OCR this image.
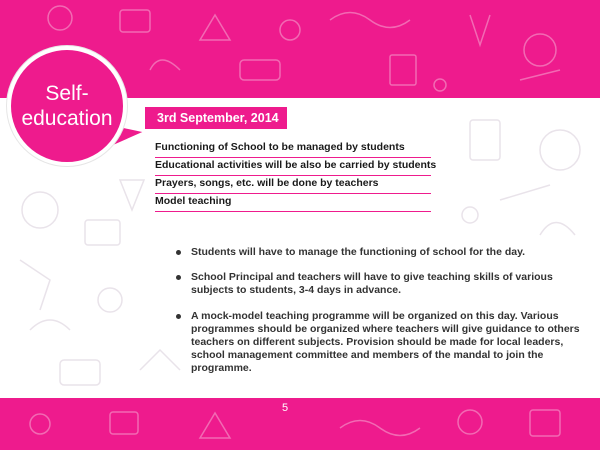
Self-education	3rd September, 2014
Functioning of School to be managed by students
Educational activities will be also be carried by students
Prayers, songs, etc. will be done by teachers
Model teaching
Students will have to manage the functioning of school for the day.
School Principal and teachers will have to give teaching skills of various subjects to students, 3-4 days in advance.
A mock-model teaching programme will be organized on this day. Various programmes should be organized where teachers will give guidance to others teachers on different subjects. Provision should be made for local leaders, school management committee and members of the mandal to join the programme.
5
